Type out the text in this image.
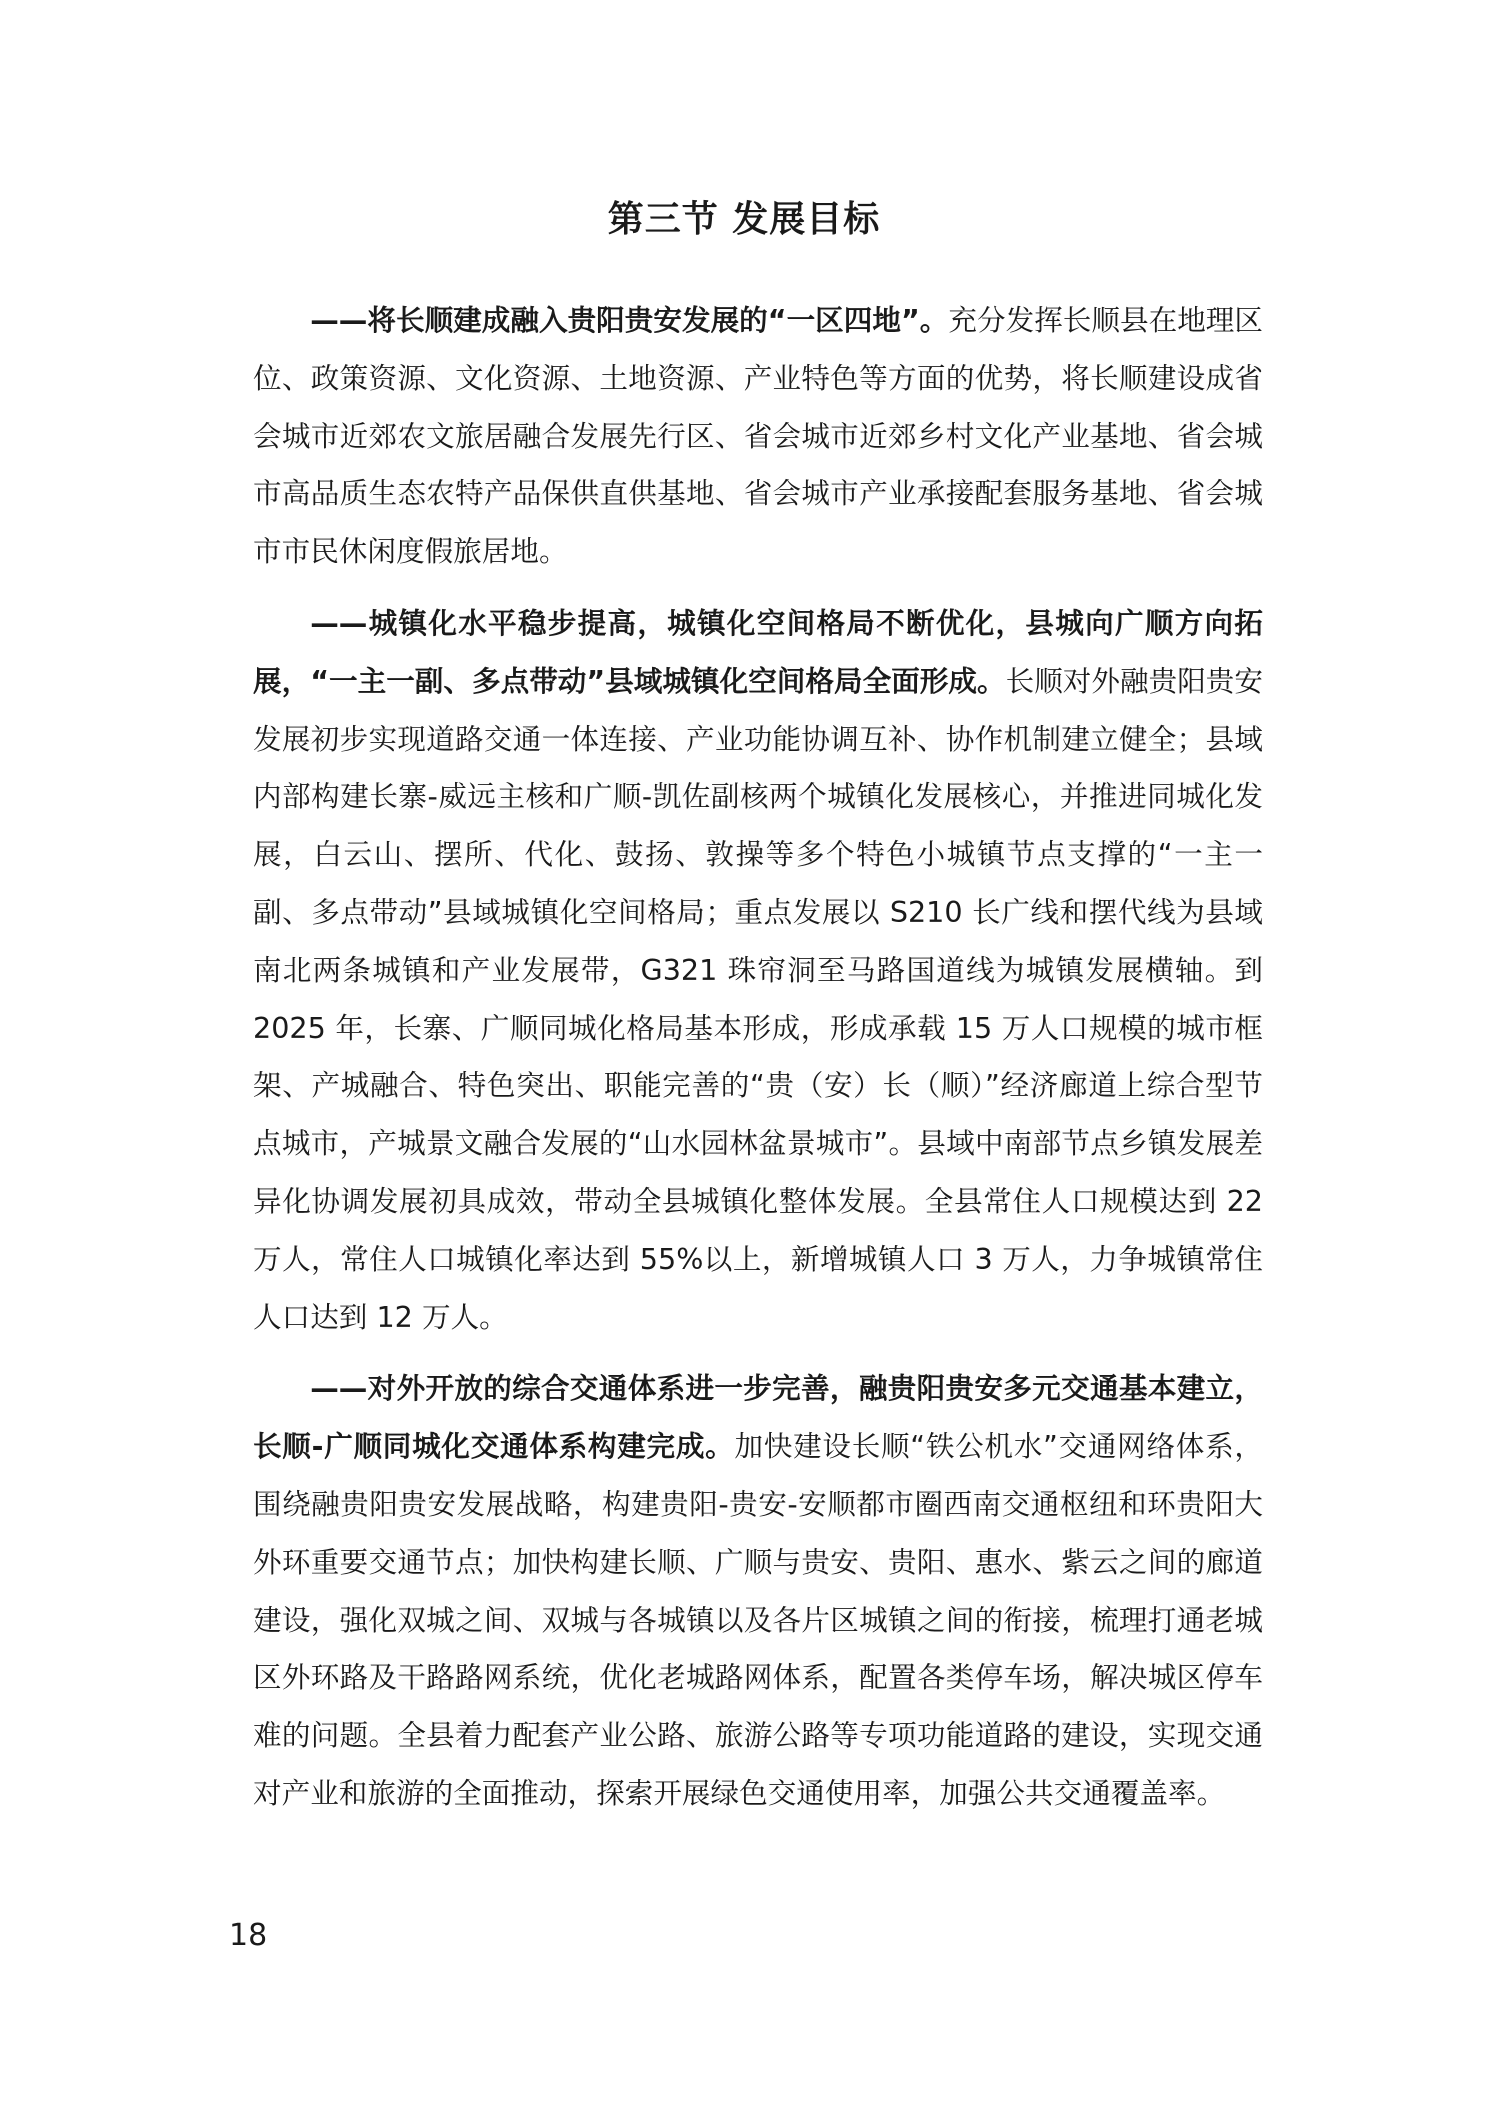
第三节 发展目标

——将长顺建成融入贵阳贵安发展的“一区四地”。充分发挥长顺县在地理区位、政策资源、文化资源、土地资源、产业特色等方面的优势，将长顺建设成省会城市近郊农文旅居融合发展先行区、省会城市近郊乡村文化产业基地、省会城市高品质生态农特产品保供直供基地、省会城市产业承接配套服务基地、省会城市市民休闲度假旅居地。

——城镇化水平稳步提高，城镇化空间格局不断优化，县城向广顺方向拓展，“一主一副、多点带动”县域城镇化空间格局全面形成。长顺对外融贵阳贵安发展初步实现道路交通一体连接、产业功能协调互补、协作机制建立健全；县域内部构建长寨-威远主核和广顺-凯佐副核两个城镇化发展核心，并推进同城化发展，白云山、摆所、代化、鼓扬、敦操等多个特色小城镇节点支撑的“一主一副、多点带动”县域城镇化空间格局；重点发展以 S210 长广线和摆代线为县域南北两条城镇和产业发展带，G321 珠帘洞至马路国道线为城镇发展横轴。到 2025 年，长寨、广顺同城化格局基本形成，形成承载 15 万人口规模的城市框架、产城融合、特色突出、职能完善的“贵（安）长（顺）”经济廊道上综合型节点城市，产城景文融合发展的“山水园林盆景城市”。县域中南部节点乡镇发展差异化协调发展初具成效，带动全县城镇化整体发展。全县常住人口规模达到 22 万人，常住人口城镇化率达到 55%以上，新增城镇人口 3 万人，力争城镇常住人口达到 12 万人。

——对外开放的综合交通体系进一步完善，融贵阳贵安多元交通基本建立，长顺-广顺同城化交通体系构建完成。加快建设长顺“铁公机水”交通网络体系，围绕融贵阳贵安发展战略，构建贵阳-贵安-安顺都市圈西南交通枢纽和环贵阳大外环重要交通节点；加快构建长顺、广顺与贵安、贵阳、惠水、紫云之间的廊道建设，强化双城之间、双城与各城镇以及各片区城镇之间的衔接，梳理打通老城区外环路及干路路网系统，优化老城路网体系，配置各类停车场，解决城区停车难的问题。全县着力配套产业公路、旅游公路等专项功能道路的建设，实现交通对产业和旅游的全面推动，探索开展绿色交通使用率，加强公共交通覆盖率。

18
